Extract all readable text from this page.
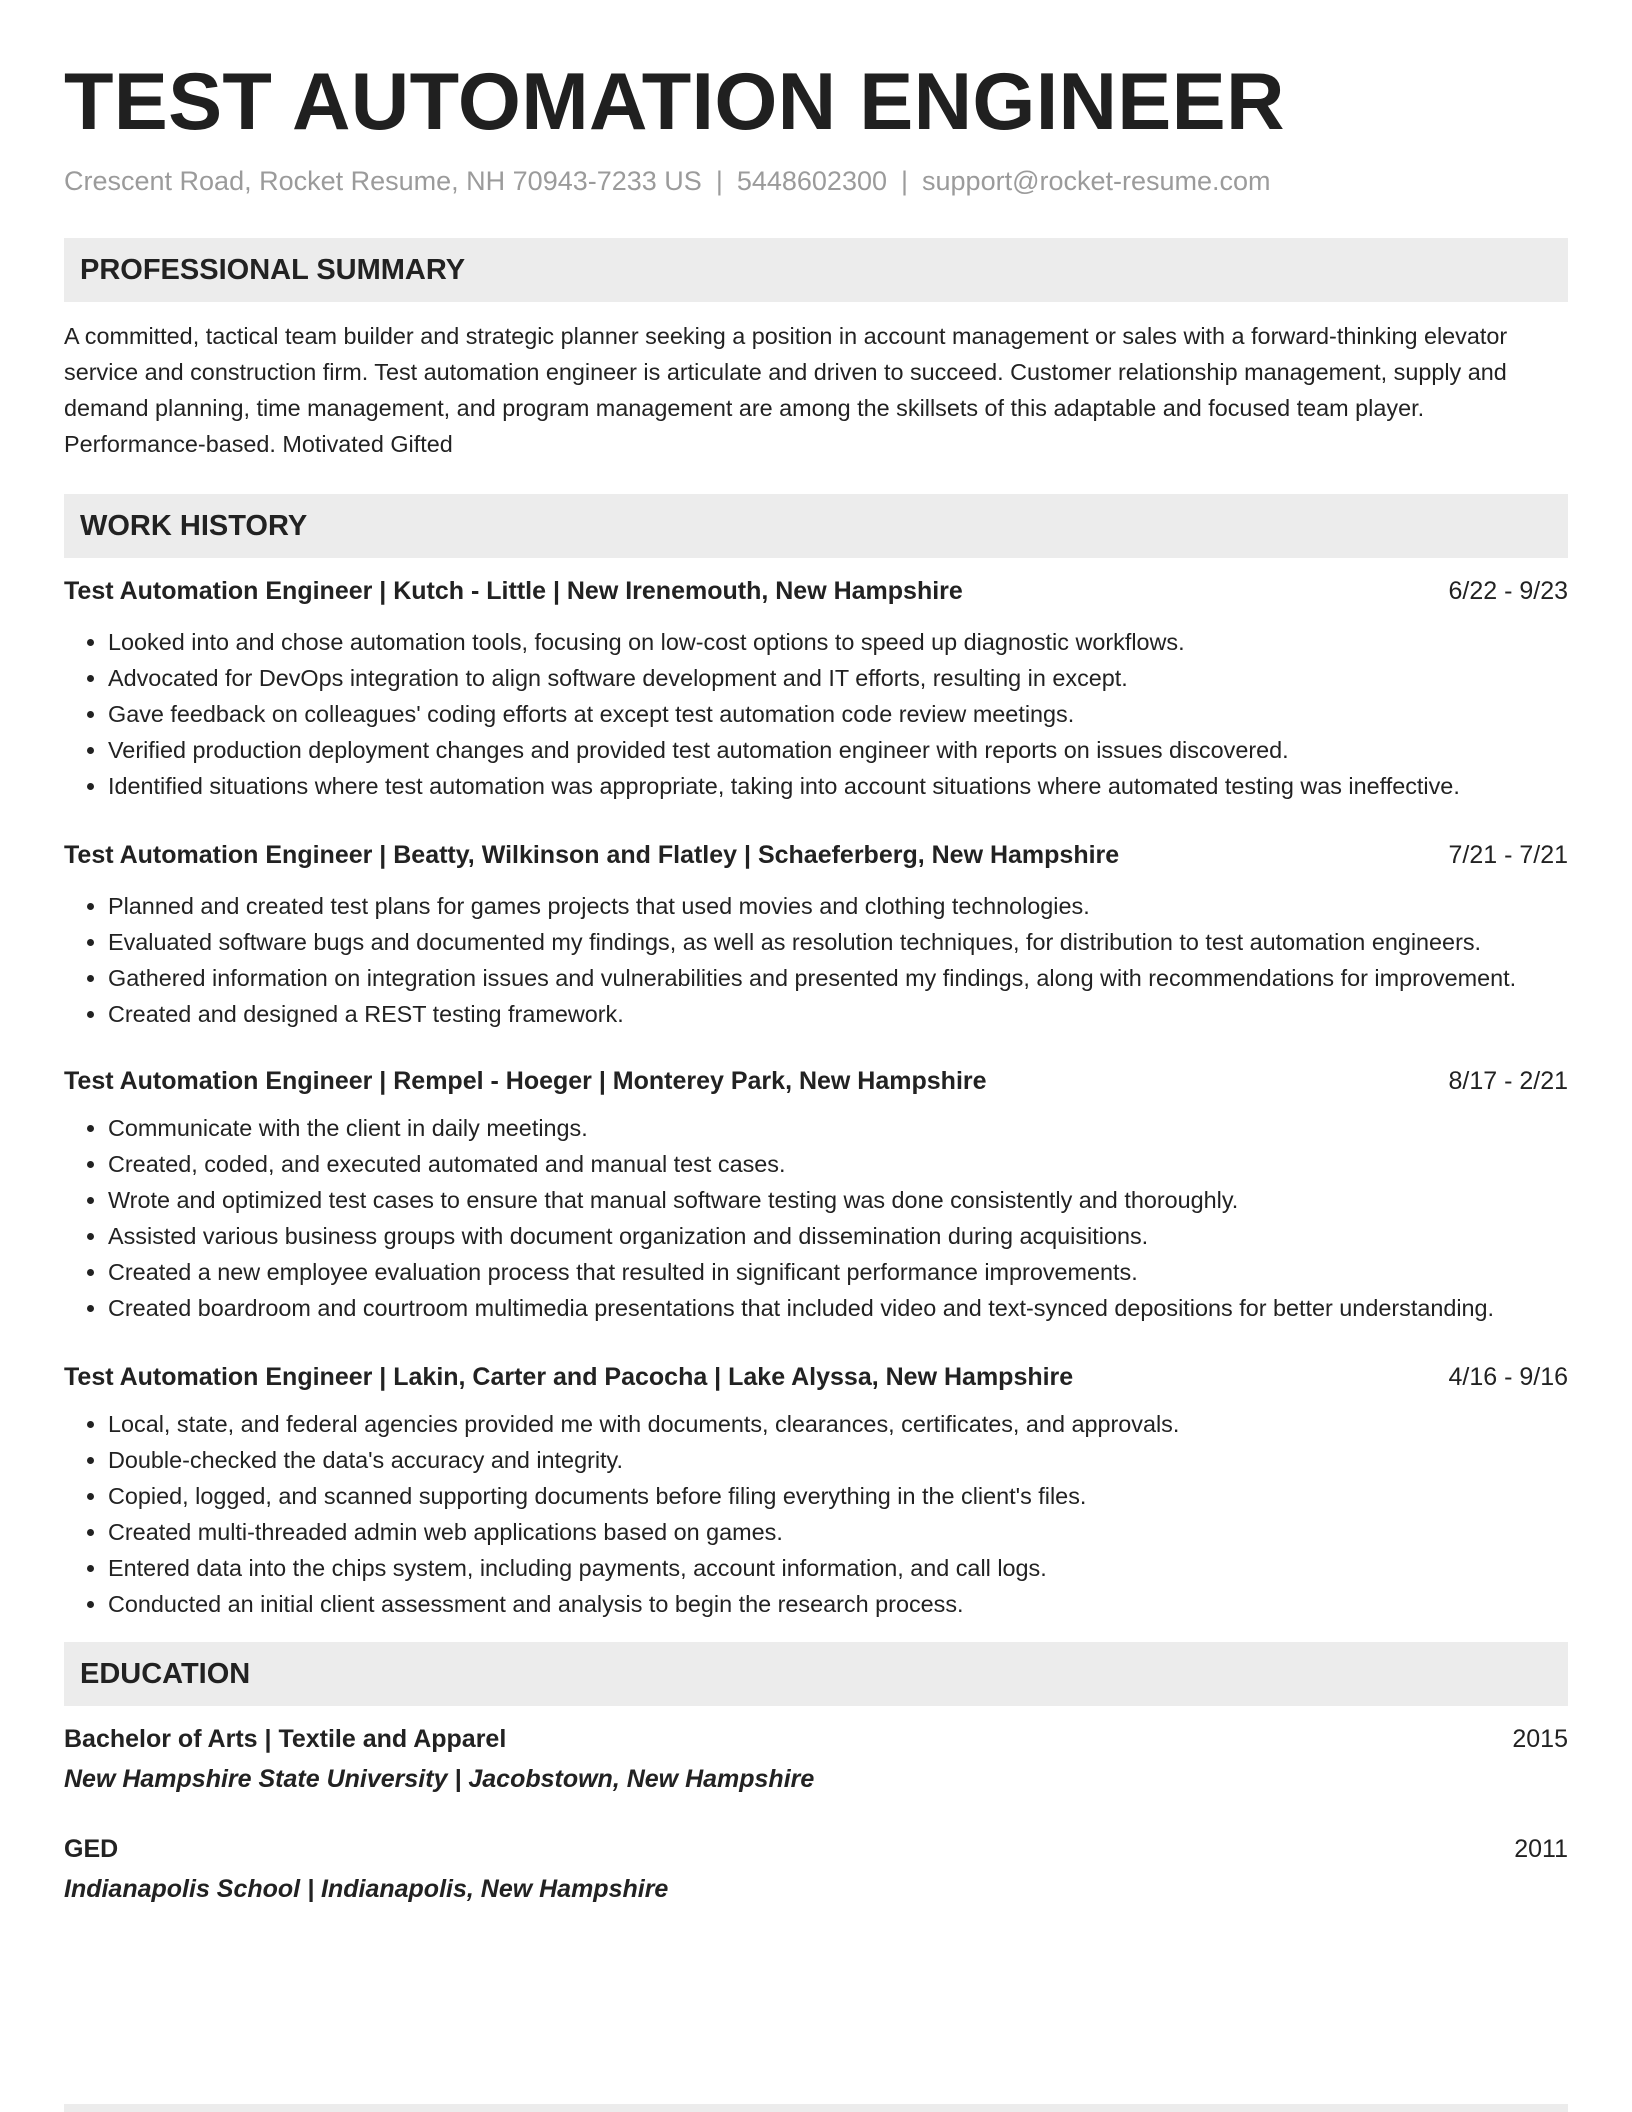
TEST AUTOMATION ENGINEER
Crescent Road, Rocket Resume, NH 70943-7233 US | 5448602300 | support@rocket-resume.com
PROFESSIONAL SUMMARY

A committed, tactical team builder and strategic planner seeking a position in account management or sales with a forward-thinking elevator service and construction firm. Test automation engineer is articulate and driven to succeed. Customer relationship management, supply and demand planning, time management, and program management are among the skillsets of this adaptable and focused team player. Performance-based. Motivated Gifted

WORK HISTORY
Test Automation Engineer | Kutch - Little | New Irenemouth, New Hampshire	6/22 - 9/23
• Looked into and chose automation tools, focusing on low-cost options to speed up diagnostic workflows.
• Advocated for DevOps integration to align software development and IT efforts, resulting in except.
• Gave feedback on colleagues' coding efforts at except test automation code review meetings.
• Verified production deployment changes and provided test automation engineer with reports on issues discovered.
• Identified situations where test automation was appropriate, taking into account situations where automated testing was ineffective.
Test Automation Engineer | Beatty, Wilkinson and Flatley | Schaeferberg, New Hampshire	7/21 - 7/21
• Planned and created test plans for games projects that used movies and clothing technologies.
• Evaluated software bugs and documented my findings, as well as resolution techniques, for distribution to test automation engineers.
• Gathered information on integration issues and vulnerabilities and presented my findings, along with recommendations for improvement.
• Created and designed a REST testing framework.
Test Automation Engineer | Rempel - Hoeger | Monterey Park, New Hampshire	8/17 - 2/21
• Communicate with the client in daily meetings.
• Created, coded, and executed automated and manual test cases.
• Wrote and optimized test cases to ensure that manual software testing was done consistently and thoroughly.
• Assisted various business groups with document organization and dissemination during acquisitions.
• Created a new employee evaluation process that resulted in significant performance improvements.
• Created boardroom and courtroom multimedia presentations that included video and text-synced depositions for better understanding.
Test Automation Engineer | Lakin, Carter and Pacocha | Lake Alyssa, New Hampshire	4/16 - 9/16
• Local, state, and federal agencies provided me with documents, clearances, certificates, and approvals.
• Double-checked the data's accuracy and integrity.
• Copied, logged, and scanned supporting documents before filing everything in the client's files.
• Created multi-threaded admin web applications based on games.
• Entered data into the chips system, including payments, account information, and call logs.
• Conducted an initial client assessment and analysis to begin the research process.
EDUCATION
Bachelor of Arts | Textile and Apparel	2015
New Hampshire State University | Jacobstown, New Hampshire
GED	2011
Indianapolis School | Indianapolis, New Hampshire
